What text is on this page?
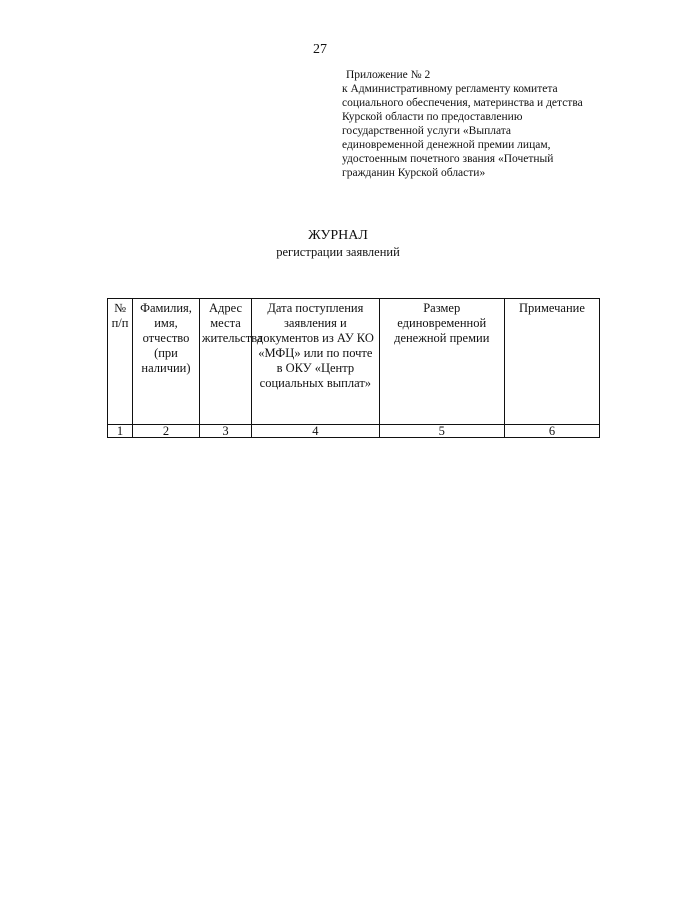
27
Приложение № 2
к Административному регламенту комитета
социального обеспечения, материнства и детства
Курской области по предоставлению
государственной услуги «Выплата
единовременной денежной премии лицам,
удостоенным почетного звания «Почетный
гражданин Курской области»
ЖУРНАЛ
регистрации заявлений
№ п/п	Фамилия, имя, отчество (при наличии)	Адрес места жительства	Дата поступления заявления и документов из АУ КО «МФЦ» или по почте в ОКУ «Центр социальных выплат»	Размер единовременной денежной премии	Примечание
1	2	3	4	5	6
